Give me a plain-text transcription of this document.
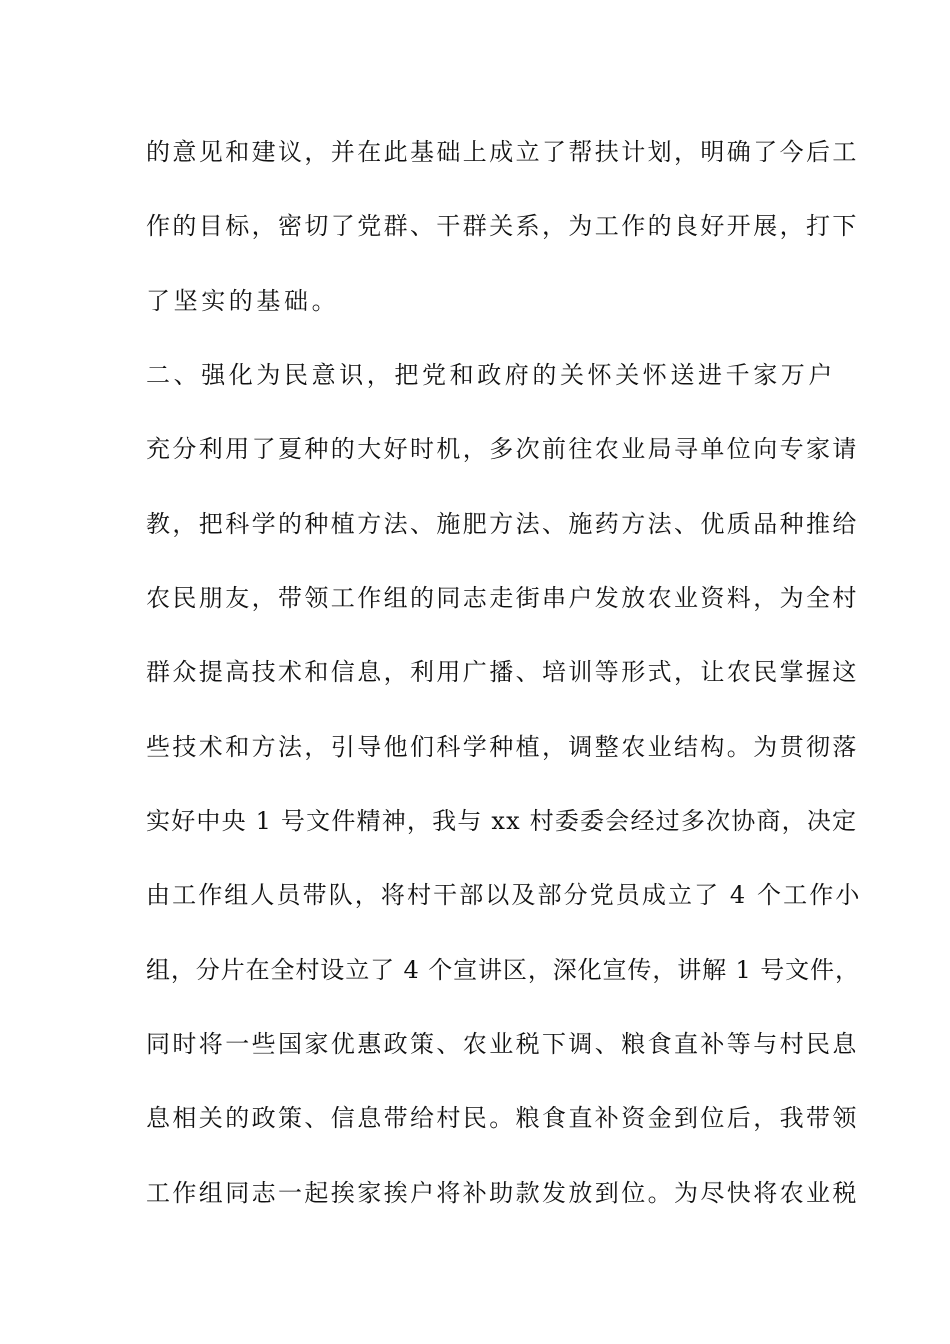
的意见和建议，并在此基础上成立了帮扶计划，明确了今后工
作的目标，密切了党群、干群关系，为工作的良好开展，打下
了坚实的基础。
二、强化为民意识，把党和政府的关怀关怀送进千家万户
充分利用了夏种的大好时机，多次前往农业局寻单位向专家请
教，把科学的种植方法、施肥方法、施药方法、优质品种推给
农民朋友，带领工作组的同志走街串户发放农业资料，为全村
群众提高技术和信息，利用广播、培训等形式，让农民掌握这
些技术和方法，引导他们科学种植，调整农业结构。为贯彻落
实好中央 1 号文件精神，我与 xx 村委委会经过多次协商，决定
由工作组人员带队，将村干部以及部分党员成立了 4 个工作小
组，分片在全村设立了 4 个宣讲区，深化宣传，讲解 1 号文件，
同时将一些国家优惠政策、农业税下调、粮食直补等与村民息
息相关的政策、信息带给村民。粮食直补资金到位后，我带领
工作组同志一起挨家挨户将补助款发放到位。为尽快将农业税
